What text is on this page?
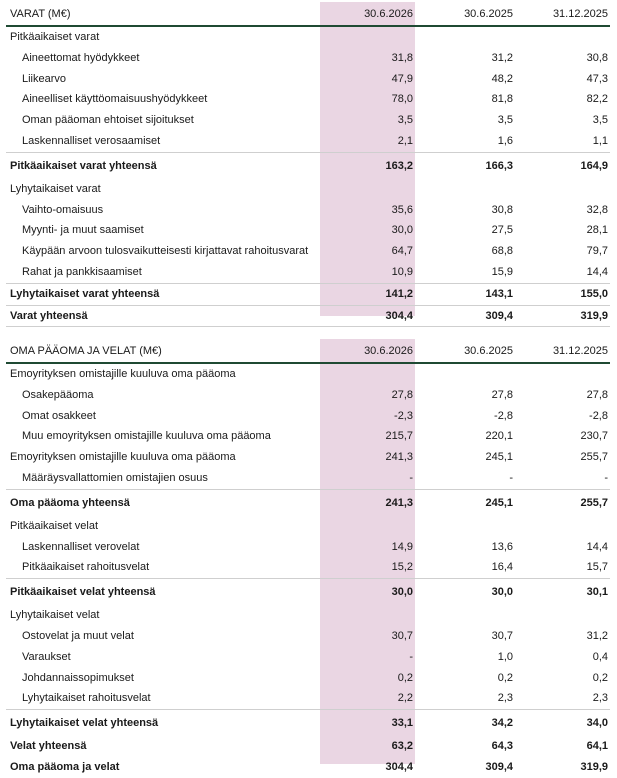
VARAT (M€)	30.6.2026	30.6.2025	31.12.2025
Pitkäaikaiset varat			
Aineettomat hyödykkeet	31,8	31,2	30,8
Liikearvo	47,9	48,2	47,3
Aineelliset käyttöomaisuushyödykkeet	78,0	81,8	82,2
Oman pääoman ehtoiset sijoitukset	3,5	3,5	3,5
Laskennalliset verosaamiset	2,1	1,6	1,1
Pitkäaikaiset varat yhteensä	163,2	166,3	164,9
Lyhytaikaiset varat			
Vaihto-omaisuus	35,6	30,8	32,8
Myynti- ja muut saamiset	30,0	27,5	28,1
Käypään arvoon tulosvaikutteisesti kirjattavat rahoitusvarat	64,7	68,8	79,7
Rahat ja pankkisaamiset	10,9	15,9	14,4
Lyhytaikaiset varat yhteensä	141,2	143,1	155,0
Varat yhteensä	304,4	309,4	319,9
OMA PÄÄOMA JA VELAT (M€)	30.6.2026	30.6.2025	31.12.2025
Emoyrityksen omistajille kuuluva oma pääoma			
Osakepääoma	27,8	27,8	27,8
Omat osakkeet	-2,3	-2,8	-2,8
Muu emoyrityksen omistajille kuuluva oma pääoma	215,7	220,1	230,7
Emoyrityksen omistajille kuuluva oma pääoma	241,3	245,1	255,7
Määräysvallattomien omistajien osuus	-	-	-
Oma pääoma yhteensä	241,3	245,1	255,7
Pitkäaikaiset velat			
Laskennalliset verovelat	14,9	13,6	14,4
Pitkäaikaiset rahoitusvelat	15,2	16,4	15,7
Pitkäaikaiset velat yhteensä	30,0	30,0	30,1
Lyhytaikaiset velat			
Ostovelat ja muut velat	30,7	30,7	31,2
Varaukset	-	1,0	0,4
Johdannaissopimukset	0,2	0,2	0,2
Lyhytaikaiset rahoitusvelat	2,2	2,3	2,3
Lyhytaikaiset velat yhteensä	33,1	34,2	34,0
Velat yhteensä	63,2	64,3	64,1
Oma pääoma ja velat	304,4	309,4	319,9
